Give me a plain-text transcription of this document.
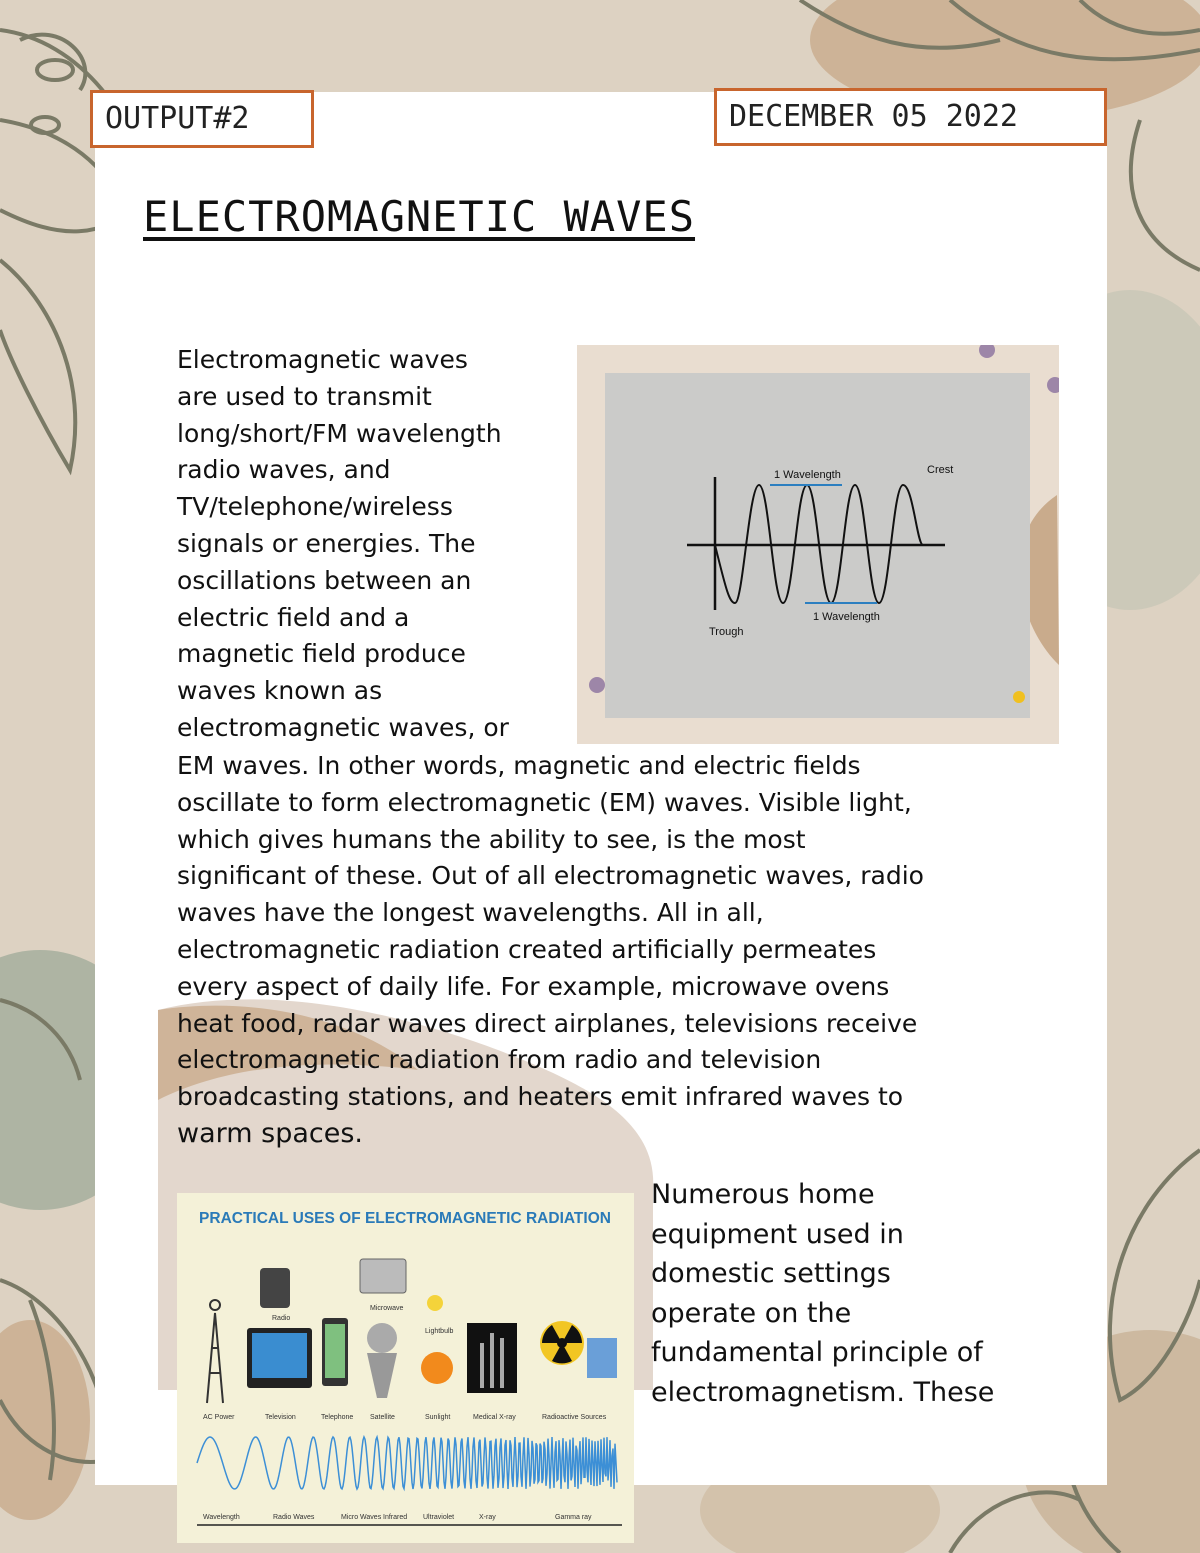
OUTPUT#2	DECEMBER 05 2022
ELECTROMAGNETIC WAVES
Electromagnetic waves
are used to transmit
long/short/FM wavelength
radio waves, and
TV/telephone/wireless
signals or energies. The
oscillations between an
electric field and a
magnetic field produce
waves known as
electromagnetic waves, or
1 Wavelength	Crest
1 Wavelength
Trough
EM waves. In other words, magnetic and electric fields
oscillate to form electromagnetic (EM) waves. Visible light,
which gives humans the ability to see, is the most
significant of these. Out of all electromagnetic waves, radio
waves have the longest wavelengths. All in all,
electromagnetic radiation created artificially permeates
every aspect of daily life. For example, microwave ovens
heat food, radar waves direct airplanes, televisions receive
electromagnetic radiation from radio and television
broadcasting stations, and heaters emit infrared waves to
warm spaces.
PRACTICAL USES OF ELECTROMAGNETIC RADIATION
Radio
Microwave
Lightbulb
AC Power	Television	Telephone Satellite	Sunlight	Medical X-ray	Radioactive Sources
Wavelength	Radio Waves	Micro Waves Infrared Ultraviolet	X-ray	Gamma ray
Numerous home
equipment used in
domestic settings
operate on the
fundamental principle of
electromagnetism. These
